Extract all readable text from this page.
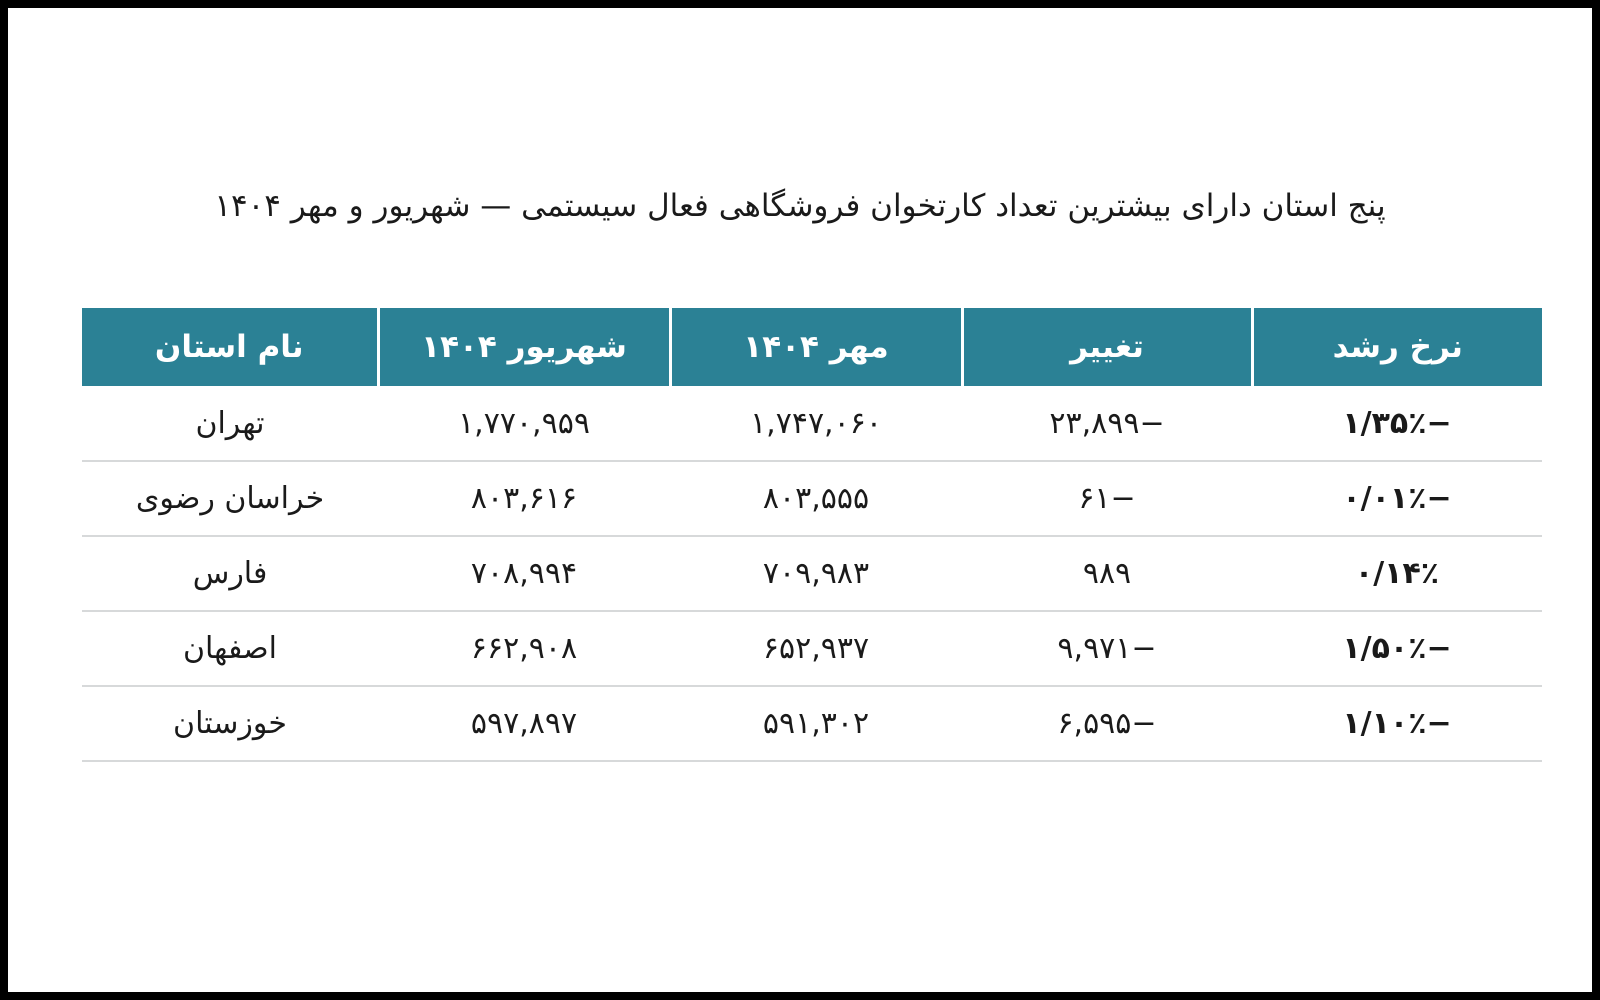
پنج استان دارای بیشترین تعداد کارتخوان فروشگاهی فعال سیستمی — شهریور و مهر ۱۴۰۴
نرخ رشد	تغییر	مهر ۱۴۰۴	شهریور ۱۴۰۴	نام استان
−۱/۳۵٪	−۲۳,۸۹۹	۱,۷۴۷,۰۶۰	۱,۷۷۰,۹۵۹	تهران
−۰/۰۱٪	−۶۱	۸۰۳,۵۵۵	۸۰۳,۶۱۶	خراسان رضوی
۰/۱۴٪	۹۸۹	۷۰۹,۹۸۳	۷۰۸,۹۹۴	فارس
−۱/۵۰٪	−۹,۹۷۱	۶۵۲,۹۳۷	۶۶۲,۹۰۸	اصفهان
−۱/۱۰٪	−۶,۵۹۵	۵۹۱,۳۰۲	۵۹۷,۸۹۷	خوزستان
